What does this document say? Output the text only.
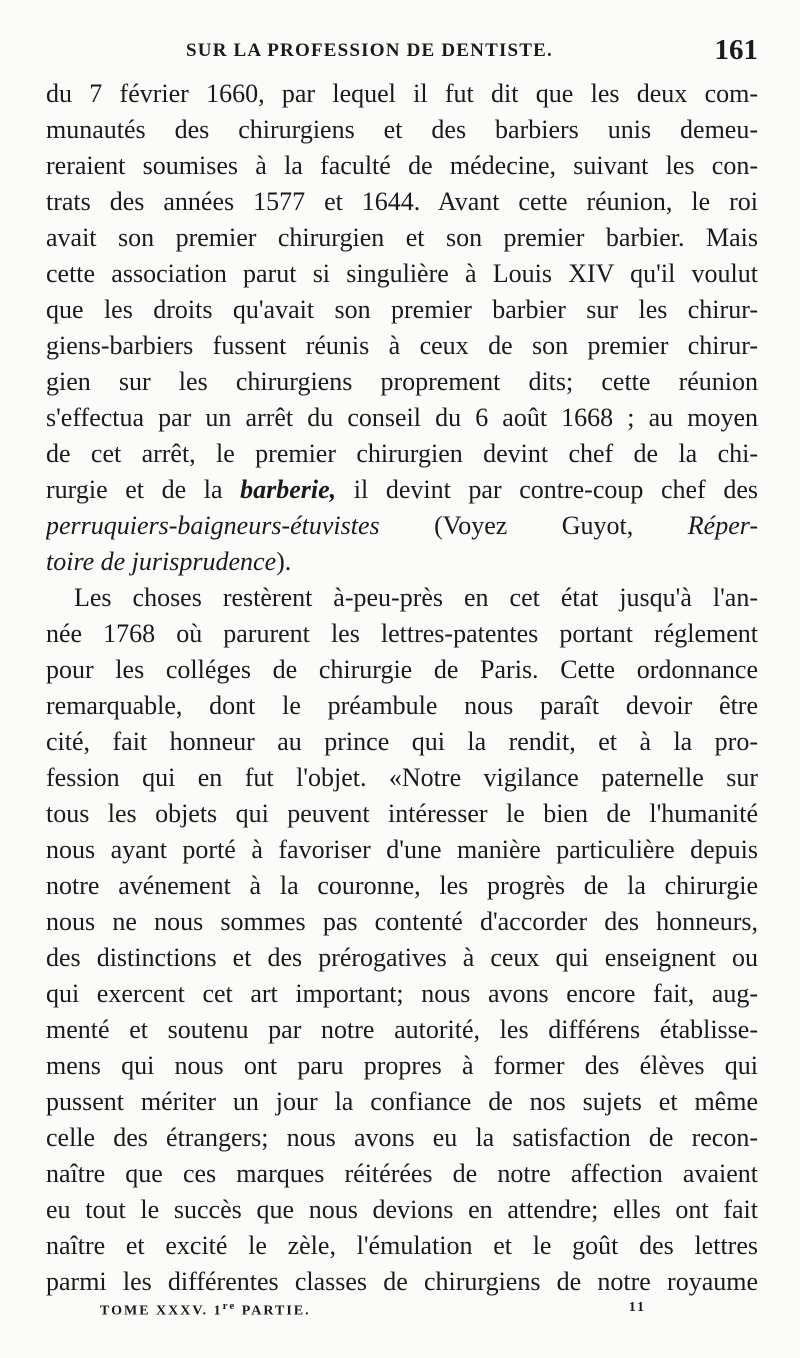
SUR LA PROFESSION DE DENTISTE.	161
du 7 février 1660, par lequel il fut dit que les deux com-
munautés des chirurgiens et des barbiers unis demeu-
reraient soumises à la faculté de médecine, suivant les con-
trats des années 1577 et 1644. Avant cette réunion, le roi
avait son premier chirurgien et son premier barbier. Mais
cette association parut si singulière à Louis XIV qu'il voulut
que les droits qu'avait son premier barbier sur les chirur-
giens-barbiers fussent réunis à ceux de son premier chirur-
gien sur les chirurgiens proprement dits; cette réunion
s'effectua par un arrêt du conseil du 6 août 1668 ; au moyen
de cet arrêt, le premier chirurgien devint chef de la chi-
rurgie et de la barberie, il devint par contre-coup chef des
perruquiers-baigneurs-étuvistes (Voyez Guyot, Réper-
toire de jurisprudence).
Les choses restèrent à-peu-près en cet état jusqu'à l'an-
née 1768 où parurent les lettres-patentes portant réglement
pour les colléges de chirurgie de Paris. Cette ordonnance
remarquable, dont le préambule nous paraît devoir être
cité, fait honneur au prince qui la rendit, et à la pro-
fession qui en fut l'objet. «Notre vigilance paternelle sur
tous les objets qui peuvent intéresser le bien de l'humanité
nous ayant porté à favoriser d'une manière particulière depuis
notre avénement à la couronne, les progrès de la chirurgie
nous ne nous sommes pas contenté d'accorder des honneurs,
des distinctions et des prérogatives à ceux qui enseignent ou
qui exercent cet art important; nous avons encore fait, aug-
menté et soutenu par notre autorité, les différens établisse-
mens qui nous ont paru propres à former des élèves qui
pussent mériter un jour la confiance de nos sujets et même
celle des étrangers; nous avons eu la satisfaction de recon-
naître que ces marques réitérées de notre affection avaient
eu tout le succès que nous devions en attendre; elles ont fait
naître et excité le zèle, l'émulation et le goût des lettres
parmi les différentes classes de chirurgiens de notre royaume
TOME XXXV. 1re PARTIE.	11
